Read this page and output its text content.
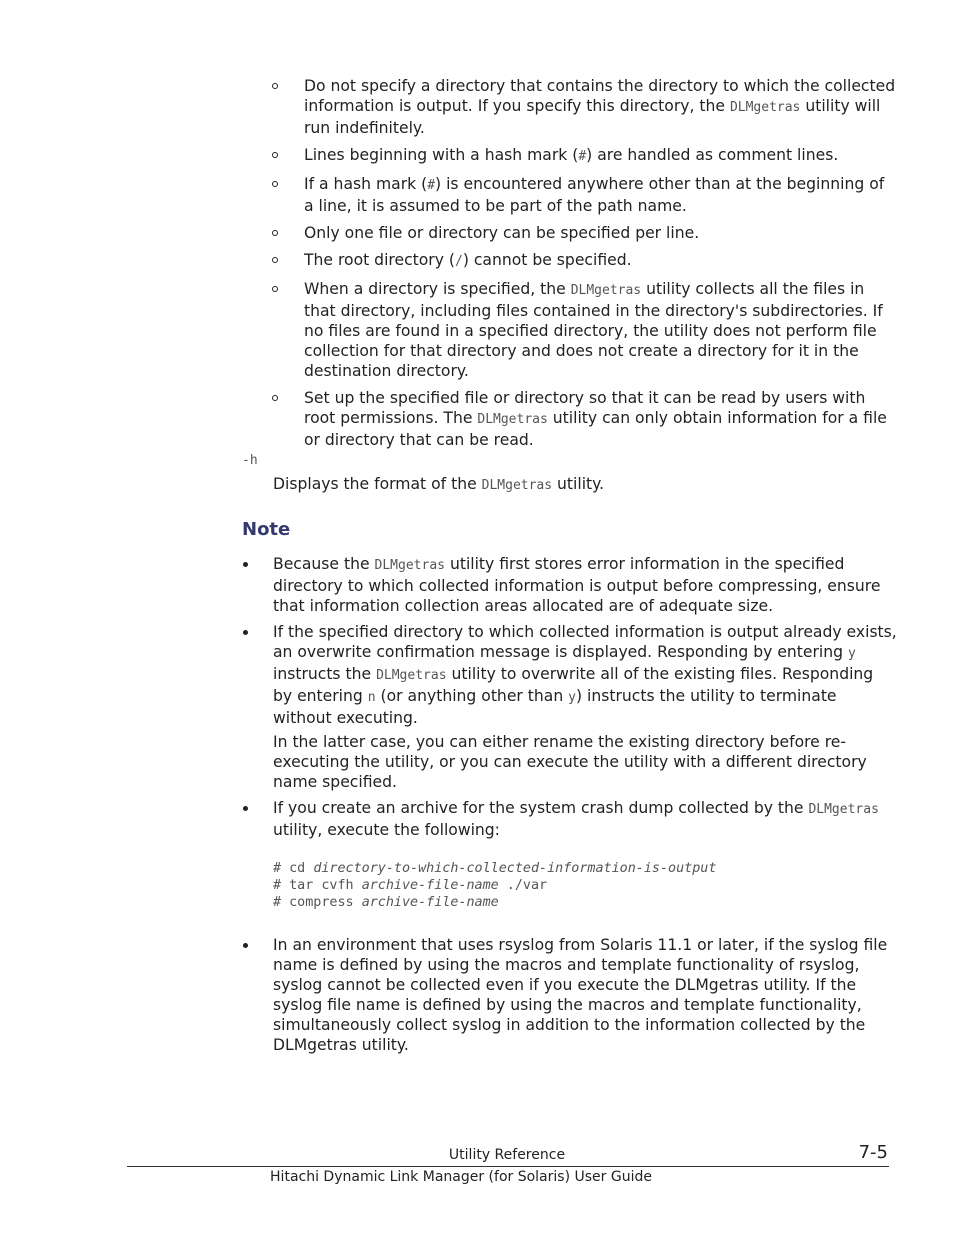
Do not specify a directory that contains the directory to which the collected information is output. If you specify this directory, the DLMgetras utility will run indefinitely.
Lines beginning with a hash mark (#) are handled as comment lines.
If a hash mark (#) is encountered anywhere other than at the beginning of a line, it is assumed to be part of the path name.
Only one file or directory can be specified per line.
The root directory (/) cannot be specified.
When a directory is specified, the DLMgetras utility collects all the files in that directory, including files contained in the directory's subdirectories. If no files are found in a specified directory, the utility does not perform file collection for that directory and does not create a directory for it in the destination directory.
Set up the specified file or directory so that it can be read by users with root permissions. The DLMgetras utility can only obtain information for a file or directory that can be read.
-h
Displays the format of the DLMgetras utility.
Note

Because the DLMgetras utility first stores error information in the specified directory to which collected information is output before compressing, ensure that information collection areas allocated are of adequate size.

If the specified directory to which collected information is output already exists, an overwrite confirmation message is displayed. Responding by entering y instructs the DLMgetras utility to overwrite all of the existing files. Responding by entering n (or anything other than y) instructs the utility to terminate without executing.

In the latter case, you can either rename the existing directory before re-executing the utility, or you can execute the utility with a different directory name specified.

If you create an archive for the system crash dump collected by the DLMgetras utility, execute the following:

# cd directory-to-which-collected-information-is-output
# tar cvfh archive-file-name ./var
# compress archive-file-name

In an environment that uses rsyslog from Solaris 11.1 or later, if the syslog file name is defined by using the macros and template functionality of rsyslog, syslog cannot be collected even if you execute the DLMgetras utility. If the syslog file name is defined by using the macros and template functionality, simultaneously collect syslog in addition to the information collected by the DLMgetras utility.

Utility Reference	7-5
Hitachi Dynamic Link Manager (for Solaris) User Guide
